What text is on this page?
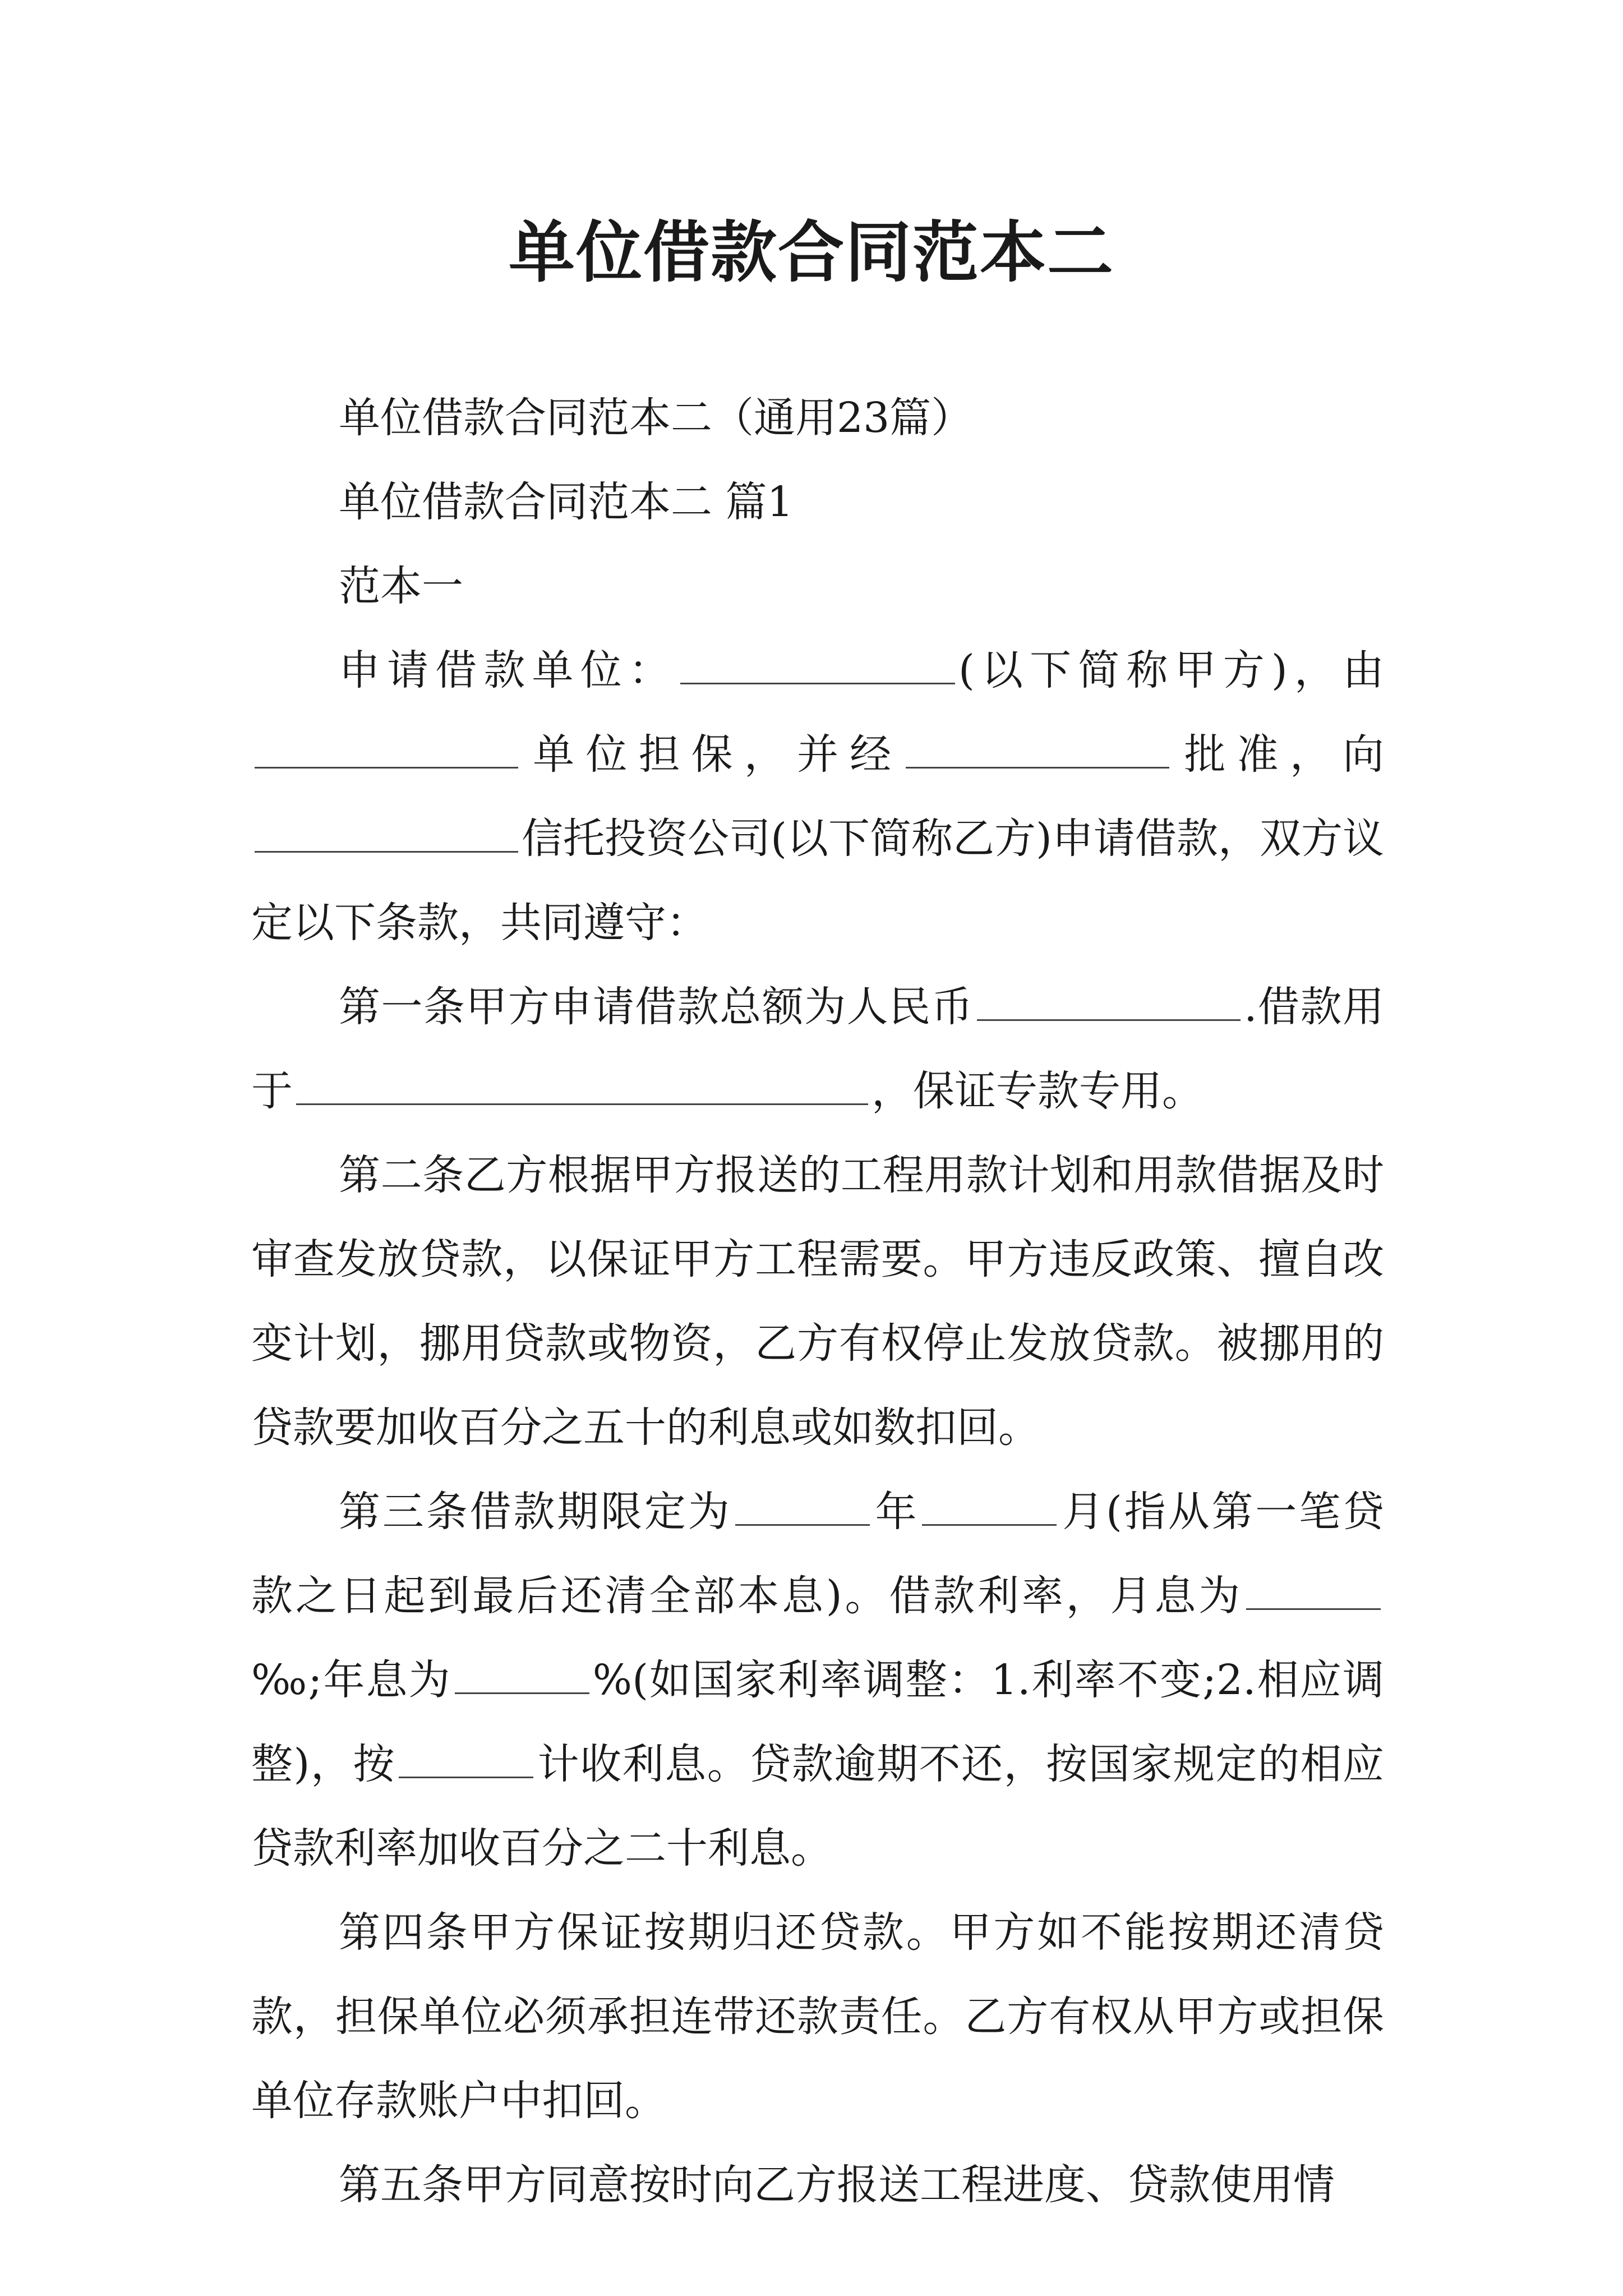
单位借款合同范本二

单位借款合同范本二（通用23篇）

单位借款合同范本二 篇1

范本一

申请借款单位：	(以下简称甲方)，由单位担保，并经	批准，向信托投资公司(以下简称乙方)申请借款，双方议定以下条款，共同遵守：

第一条甲方申请借款总额为人民币	.借款用于	，保证专款专用。

第二条乙方根据甲方报送的工程用款计划和用款借据及时审查发放贷款，以保证甲方工程需要。甲方违反政策、擅自改变计划，挪用贷款或物资，乙方有权停止发放贷款。被挪用的贷款要加收百分之五十的利息或如数扣回。

第三条借款期限定为	年	月(指从第一笔贷款之日起到最后还清全部本息)。借款利率，月息为‰;年息为	%(如国家利率调整：1.利率不变;2.相应调整)，按	计收利息。贷款逾期不还，按国家规定的相应贷款利率加收百分之二十利息。

第四条甲方保证按期归还贷款。甲方如不能按期还清贷款，担保单位必须承担连带还款责任。乙方有权从甲方或担保单位存款账户中扣回。

第五条甲方同意按时向乙方报送工程进度、贷款使用情
